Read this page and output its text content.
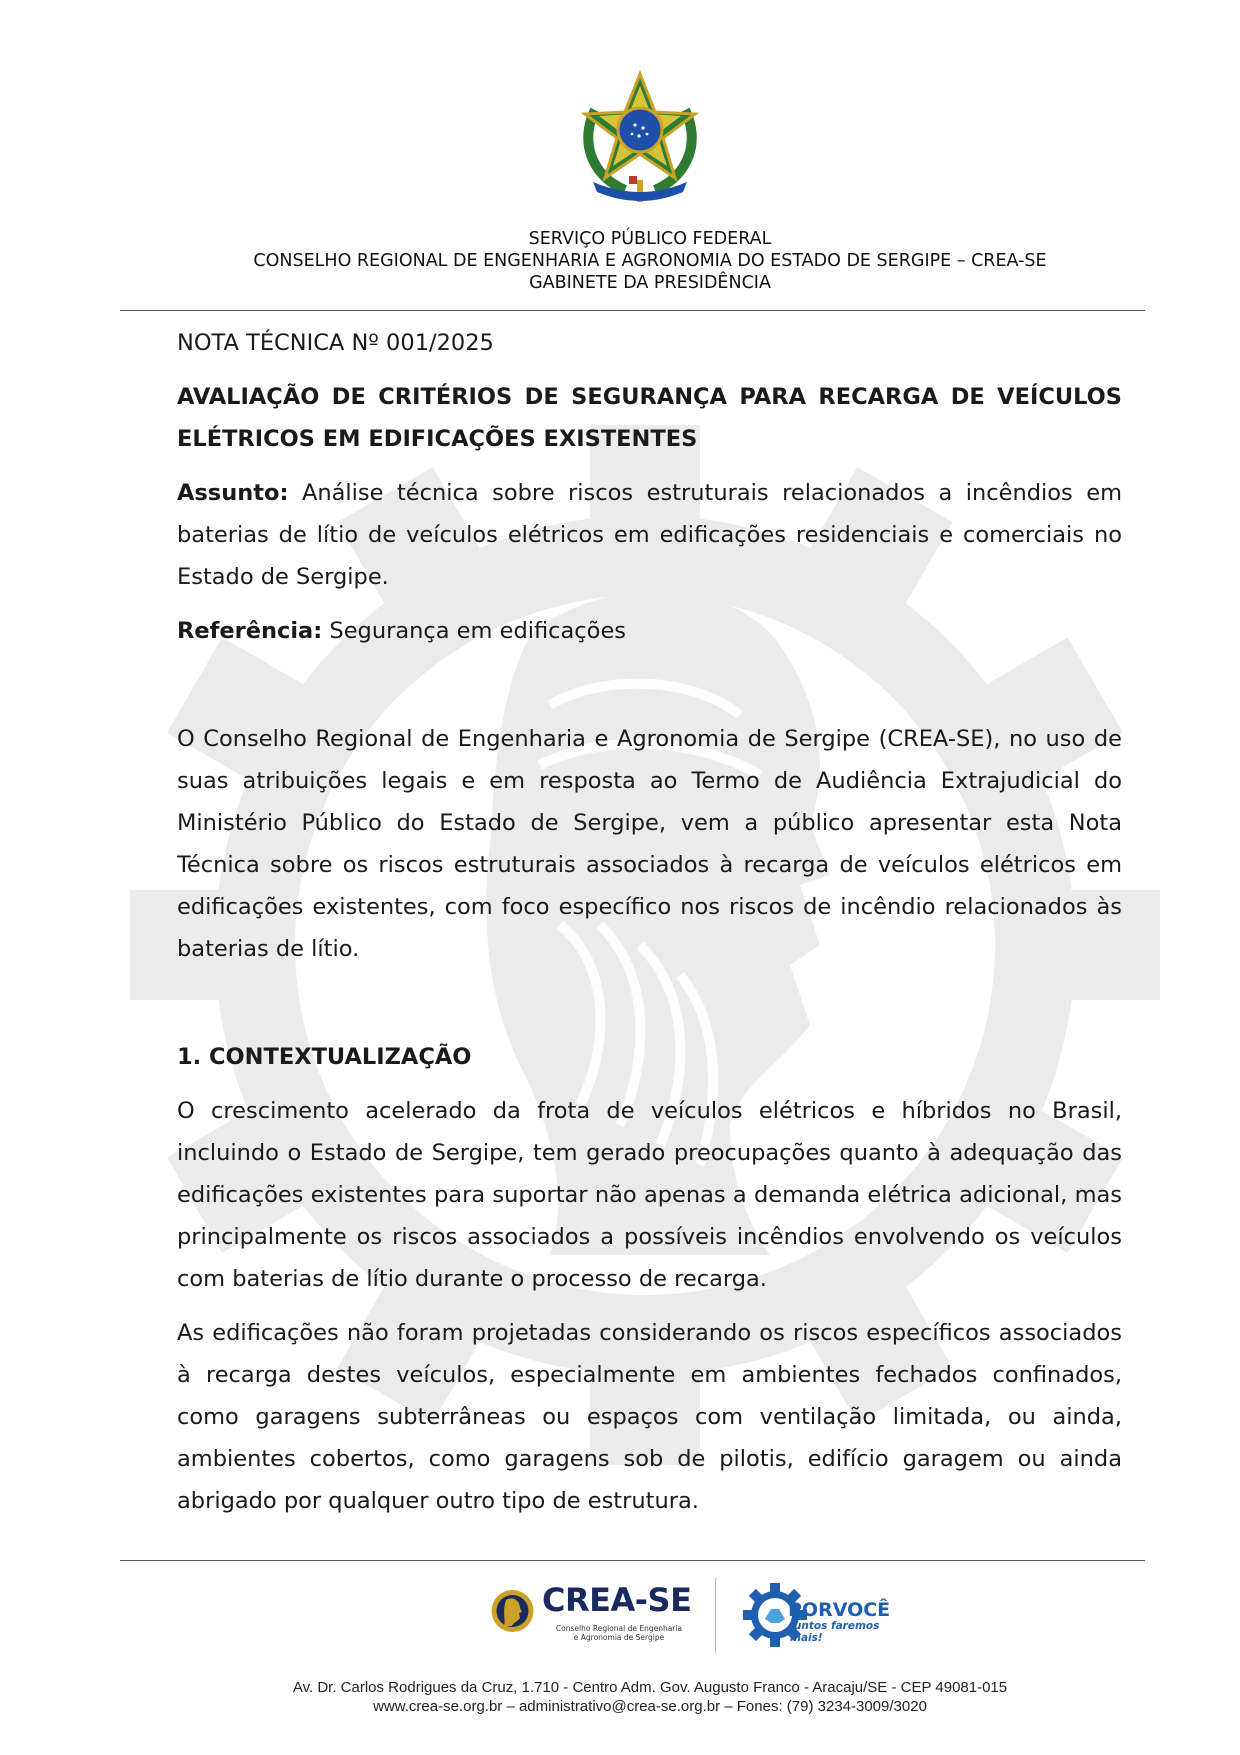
SERVIÇO PÚBLICO FEDERAL
CONSELHO REGIONAL DE ENGENHARIA E AGRONOMIA DO ESTADO DE SERGIPE – CREA-SE
GABINETE DA PRESIDÊNCIA

NOTA TÉCNICA Nº 001/2025

AVALIAÇÃO DE CRITÉRIOS DE SEGURANÇA PARA RECARGA DE VEÍCULOS ELÉTRICOS EM EDIFICAÇÕES EXISTENTES

Assunto: Análise técnica sobre riscos estruturais relacionados a incêndios em baterias de lítio de veículos elétricos em edificações residenciais e comerciais no Estado de Sergipe.

Referência: Segurança em edificações

O Conselho Regional de Engenharia e Agronomia de Sergipe (CREA-SE), no uso de suas atribuições legais e em resposta ao Termo de Audiência Extrajudicial do Ministério Público do Estado de Sergipe, vem a público apresentar esta Nota Técnica sobre os riscos estruturais associados à recarga de veículos elétricos em edificações existentes, com foco específico nos riscos de incêndio relacionados às baterias de lítio.

1. CONTEXTUALIZAÇÃO

O crescimento acelerado da frota de veículos elétricos e híbridos no Brasil, incluindo o Estado de Sergipe, tem gerado preocupações quanto à adequação das edificações existentes para suportar não apenas a demanda elétrica adicional, mas principalmente os riscos associados a possíveis incêndios envolvendo os veículos com baterias de lítio durante o processo de recarga.

As edificações não foram projetadas considerando os riscos específicos associados à recarga destes veículos, especialmente em ambientes fechados confinados, como garagens subterrâneas ou espaços com ventilação limitada, ou ainda, ambientes cobertos, como garagens sob de pilotis, edifício garagem ou ainda abrigado por qualquer outro tipo de estrutura.

CREA-SE
Conselho Regional de Engenharia
e Agronomia de Sergipe
PORVOCÊ
Juntos faremos mais!
Av. Dr. Carlos Rodrigues da Cruz, 1.710 - Centro Adm. Gov. Augusto Franco - Aracaju/SE - CEP 49081-015
www.crea-se.org.br – administrativo@crea-se.org.br – Fones: (79) 3234-3009/3020
